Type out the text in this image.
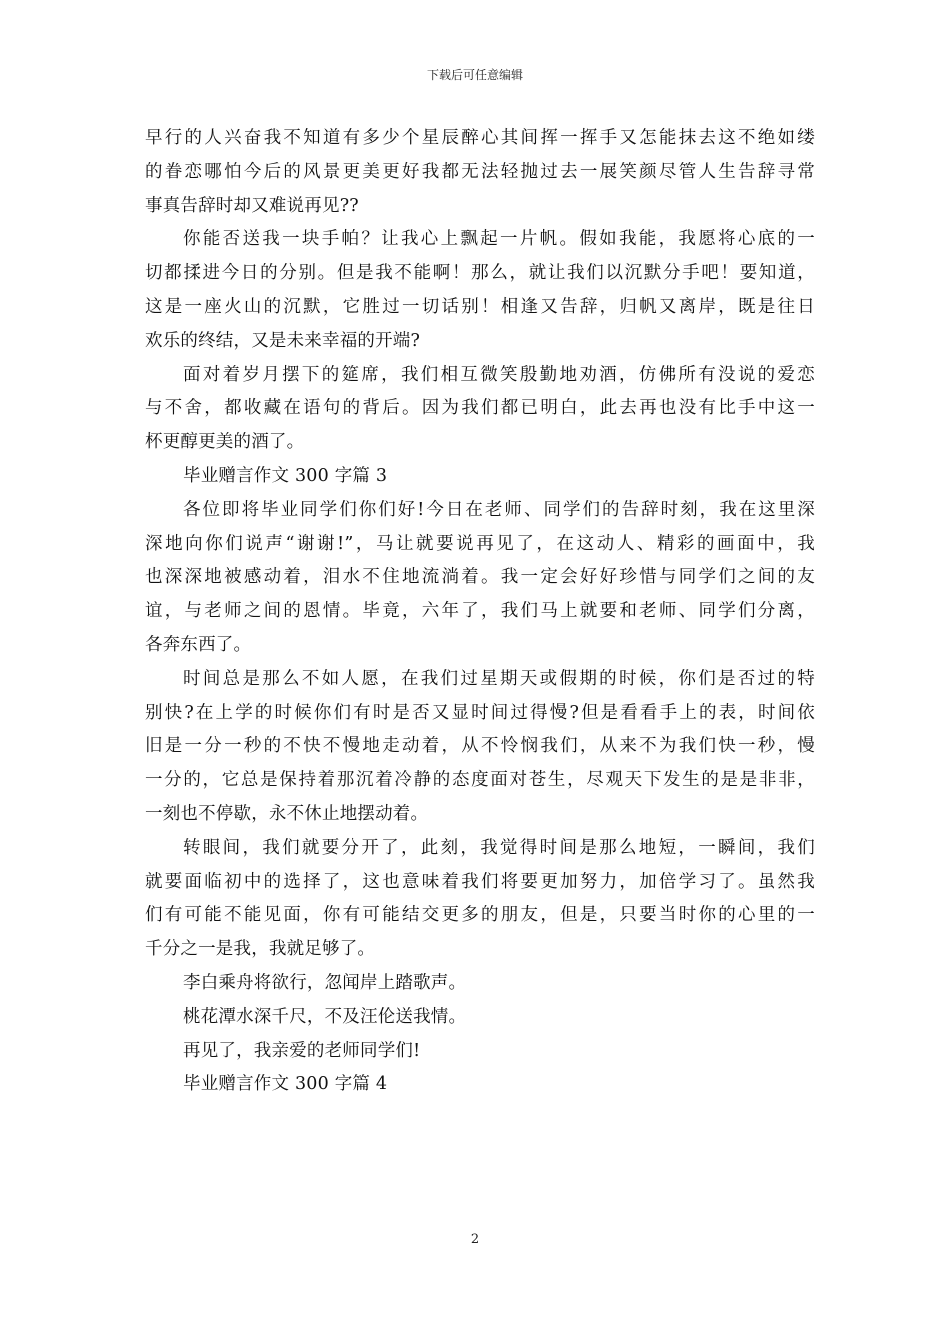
下载后可任意编辑
早行的人兴奋我不知道有多少个星辰醉心其间挥一挥手又怎能抹去这不绝如缕
的眷恋哪怕今后的风景更美更好我都无法轻抛过去一展笑颜尽管人生告辞寻常
事真告辞时却又难说再见??
你能否送我一块手帕？让我心上飘起一片帆。假如我能，我愿将心底的一
切都揉进今日的分别。但是我不能啊！那么，就让我们以沉默分手吧！要知道，
这是一座火山的沉默，它胜过一切话别！相逢又告辞，归帆又离岸，既是往日
欢乐的终结，又是未来幸福的开端?
面对着岁月摆下的筵席，我们相互微笑殷勤地劝酒，仿佛所有没说的爱恋
与不舍，都收藏在语句的背后。因为我们都已明白，此去再也没有比手中这一
杯更醇更美的酒了。
毕业赠言作文 300 字篇 3
各位即将毕业同学们你们好!今日在老师、同学们的告辞时刻，我在这里深
深地向你们说声“谢谢!”，马让就要说再见了，在这动人、精彩的画面中，我
也深深地被感动着，泪水不住地流淌着。我一定会好好珍惜与同学们之间的友
谊，与老师之间的恩情。毕竟，六年了，我们马上就要和老师、同学们分离，
各奔东西了。
时间总是那么不如人愿，在我们过星期天或假期的时候，你们是否过的特
别快?在上学的时候你们有时是否又显时间过得慢?但是看看手上的表，时间依
旧是一分一秒的不快不慢地走动着，从不怜悯我们，从来不为我们快一秒，慢
一分的，它总是保持着那沉着冷静的态度面对苍生，尽观天下发生的是是非非，
一刻也不停歇，永不休止地摆动着。
转眼间，我们就要分开了，此刻，我觉得时间是那么地短，一瞬间，我们
就要面临初中的选择了，这也意味着我们将要更加努力，加倍学习了。虽然我
们有可能不能见面，你有可能结交更多的朋友，但是，只要当时你的心里的一
千分之一是我，我就足够了。
李白乘舟将欲行，忽闻岸上踏歌声。
桃花潭水深千尺，不及汪伦送我情。
再见了，我亲爱的老师同学们!
毕业赠言作文 300 字篇 4
2
